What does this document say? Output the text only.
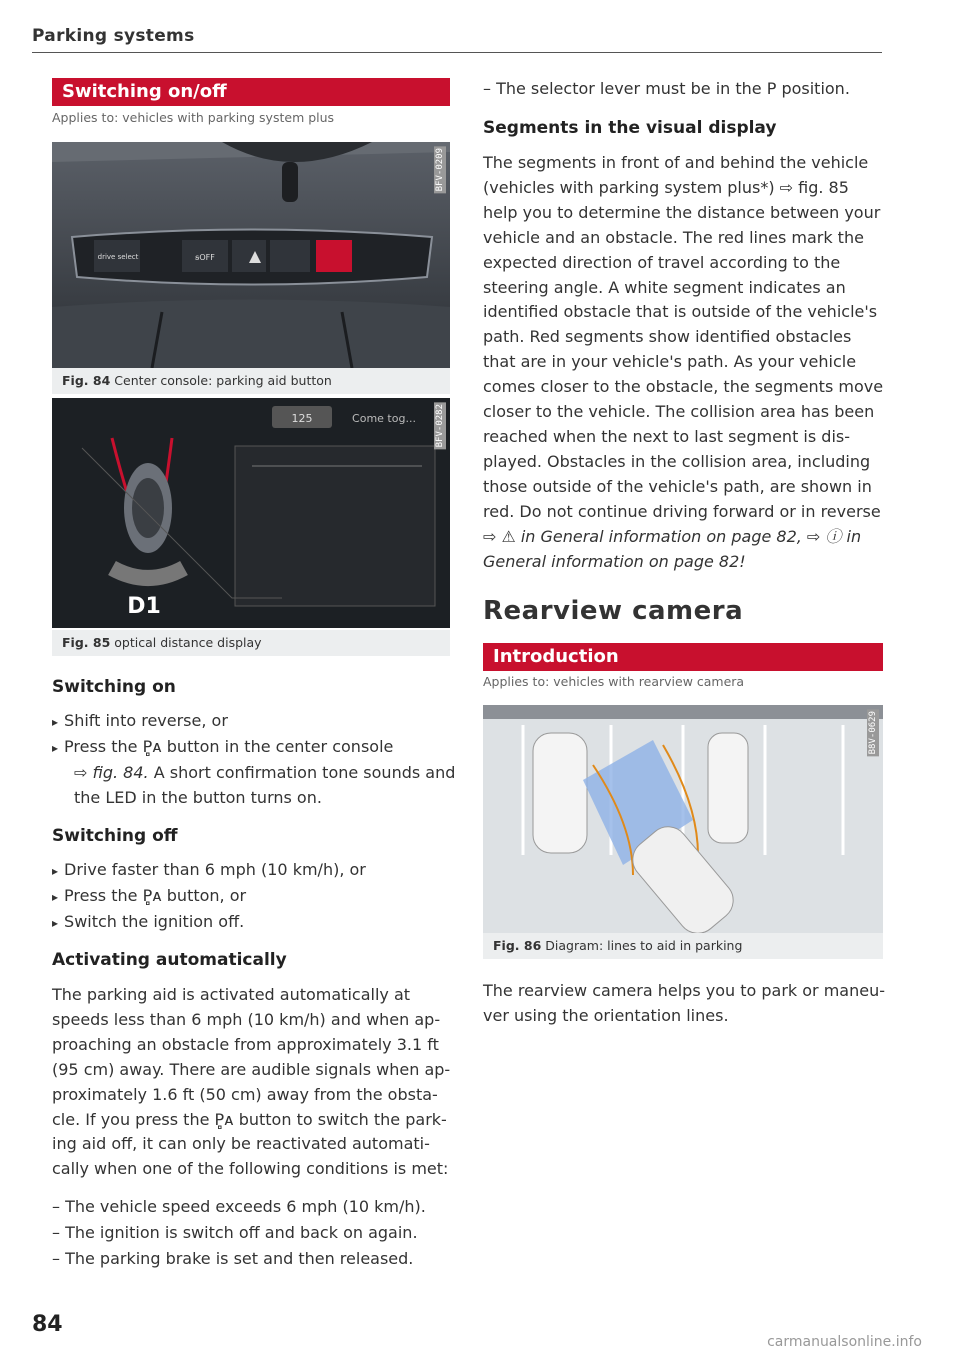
Parking systems
Switching on/off
Applies to: vehicles with parking system plus
drive select	ꞩOFF
BFV-0209
Fig. 84 Center console: parking aid button
D1
125	Come tog... BFV-0282
Fig. 85 optical distance display
Switching on

▸ Shift into reverse, or

▸ Press the P̻ᴀ button in the center console

⇨ fig. 84. A short confirmation tone sounds and

the LED in the button turns on.

Switching off

▸ Drive faster than 6 mph (10 km/h), or

▸ Press the P̻ᴀ button, or

▸ Switch the ignition off.

Activating automatically

The parking aid is activated automatically at

speeds less than 6 mph (10 km/h) and when ap-

proaching an obstacle from approximately 3.1 ft

(95 cm) away. There are audible signals when ap-

proximately 1.6 ft (50 cm) away from the obsta-

cle. If you press the P̻ᴀ button to switch the park-

ing aid off, it can only be reactivated automati-

cally when one of the following conditions is met:

– The vehicle speed exceeds 6 mph (10 km/h).

– The ignition is switch off and back on again.

– The parking brake is set and then released.

84
– The selector lever must be in the P position.
Segments in the visual display

The segments in front of and behind the vehicle

(vehicles with parking system plus*) ⇨ fig. 85

help you to determine the distance between your

vehicle and an obstacle. The red lines mark the

expected direction of travel according to the

steering angle. A white segment indicates an

identified obstacle that is outside of the vehicle's

path. Red segments show identified obstacles

that are in your vehicle's path. As your vehicle

comes closer to the obstacle, the segments move

closer to the vehicle. The collision area has been

reached when the next to last segment is dis-

played. Obstacles in the collision area, including

those outside of the vehicle's path, are shown in

red. Do not continue driving forward or in reverse

⇨ ⚠ in General information on page 82, ⇨ ⓘ in

General information on page 82!

Rearview camera
Introduction
Applies to: vehicles with rearview camera
B8V-0629
Fig. 86 Diagram: lines to aid in parking

The rearview camera helps you to park or maneu-

ver using the orientation lines.

carmanualsonline.info
